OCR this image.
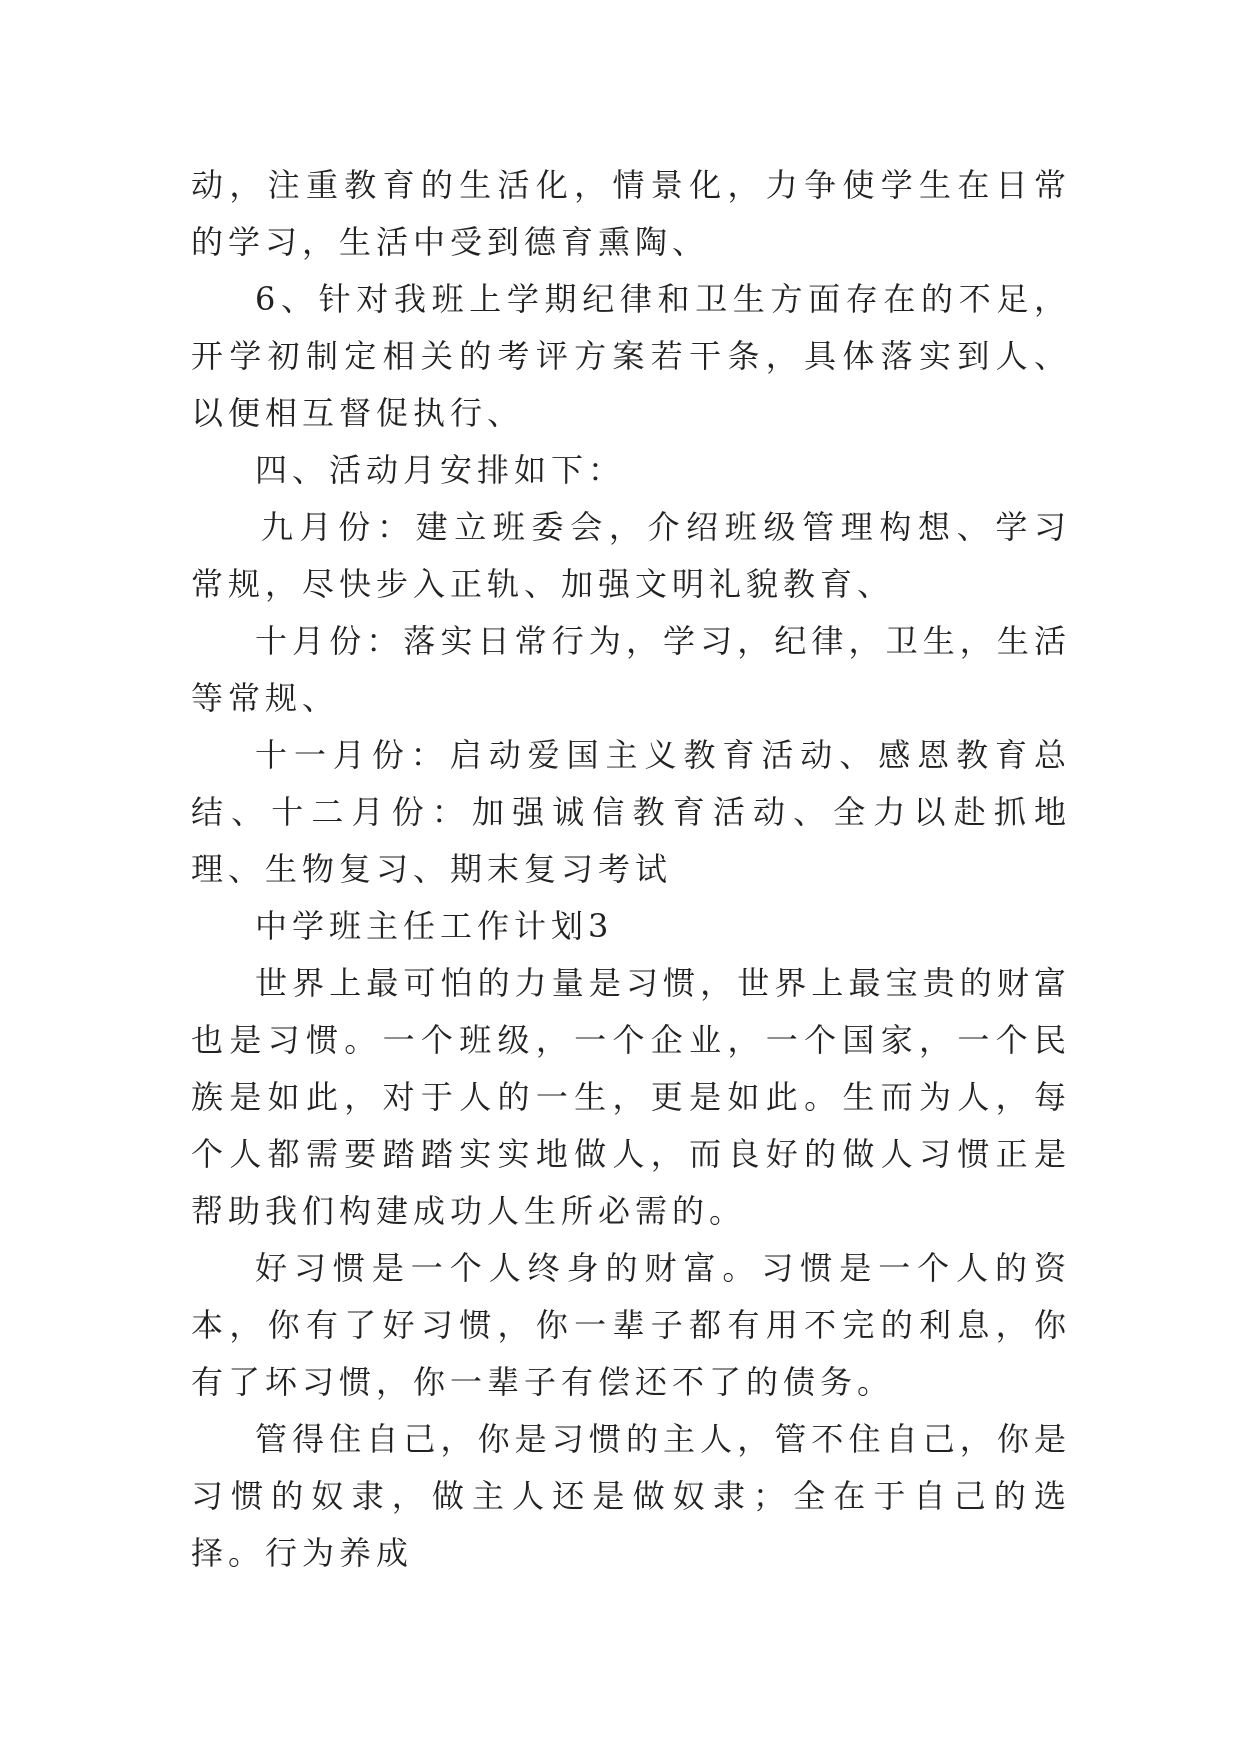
动，注重教育的生活化，情景化，力争使学生在日常的学习，生活中受到德育熏陶、

6、针对我班上学期纪律和卫生方面存在的不足，开学初制定相关的考评方案若干条，具体落实到人、以便相互督促执行、

四、活动月安排如下：

九月份：建立班委会，介绍班级管理构想、学习常规，尽快步入正轨、加强文明礼貌教育、

十月份：落实日常行为，学习，纪律，卫生，生活等常规、

十一月份：启动爱国主义教育活动、感恩教育总结、十二月份：加强诚信教育活动、全力以赴抓地理、生物复习、期末复习考试

中学班主任工作计划3

世界上最可怕的力量是习惯，世界上最宝贵的财富也是习惯。一个班级，一个企业，一个国家，一个民族是如此，对于人的一生，更是如此。生而为人，每个人都需要踏踏实实地做人，而良好的做人习惯正是帮助我们构建成功人生所必需的。

好习惯是一个人终身的财富。习惯是一个人的资本，你有了好习惯，你一辈子都有用不完的利息，你有了坏习惯，你一辈子有偿还不了的债务。

管得住自己，你是习惯的主人，管不住自己，你是习惯的奴隶，做主人还是做奴隶；全在于自己的选择。行为养成
